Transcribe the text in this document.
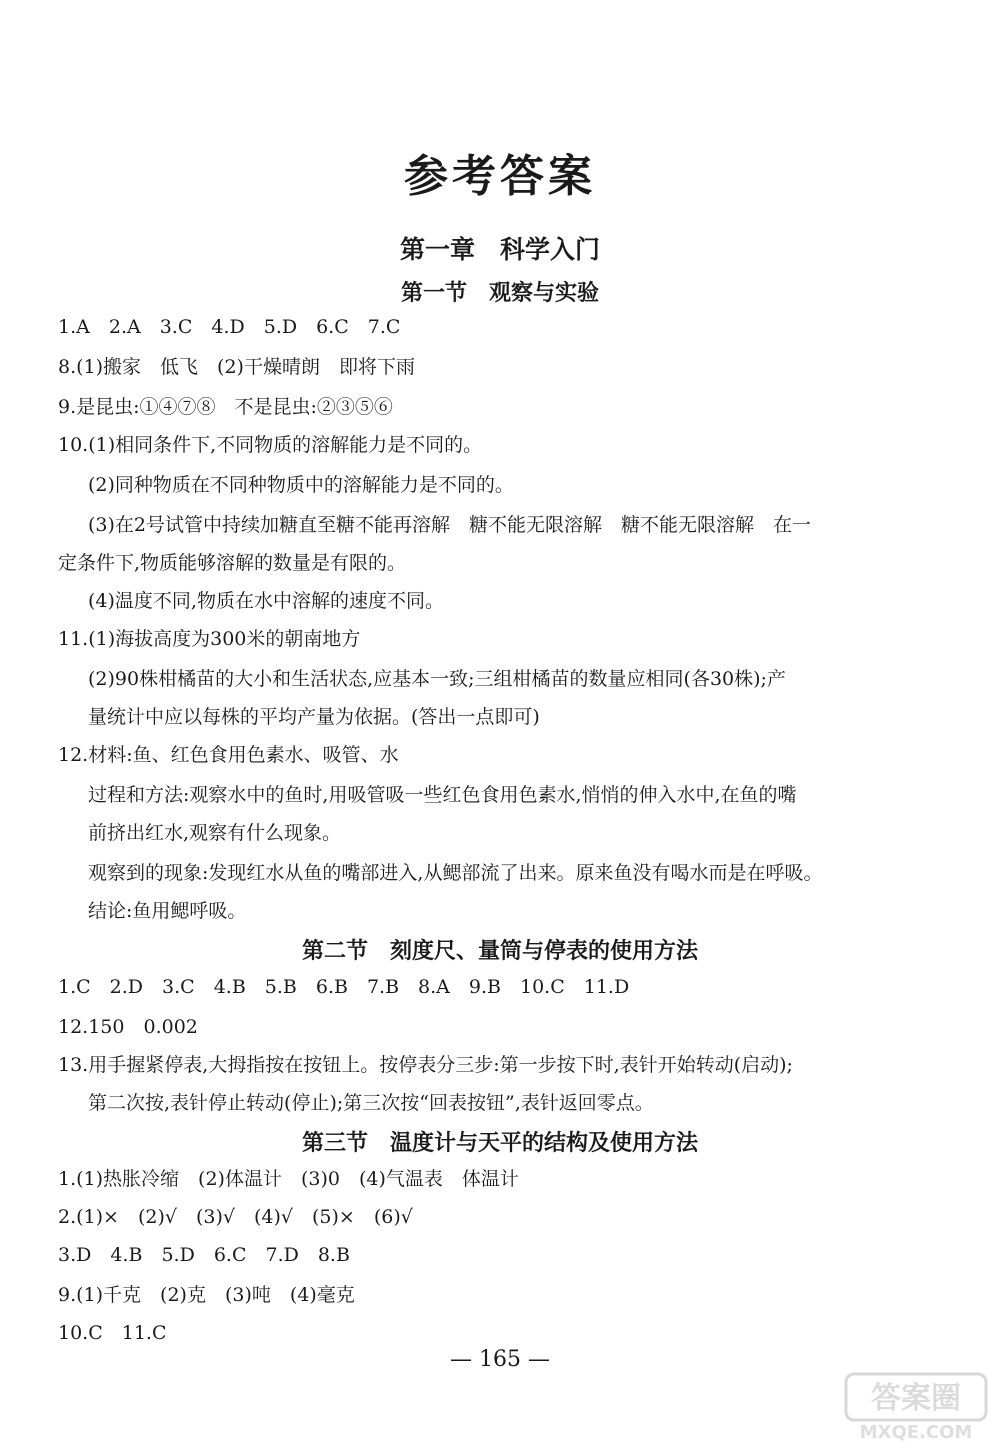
参考答案
第一章　科学入门
第一节　观察与实验
1.A　2.A　3.C　4.D　5.D　6.C　7.C
8.(1)搬家　低飞　(2)干燥晴朗　即将下雨
9.是昆虫:①④⑦⑧　不是昆虫:②③⑤⑥
10.(1)相同条件下,不同物质的溶解能力是不同的。
(2)同种物质在不同种物质中的溶解能力是不同的。
(3)在2号试管中持续加糖直至糖不能再溶解　糖不能无限溶解　糖不能无限溶解　在一
定条件下,物质能够溶解的数量是有限的。
(4)温度不同,物质在水中溶解的速度不同。
11.(1)海拔高度为300米的朝南地方
(2)90株柑橘苗的大小和生活状态,应基本一致;三组柑橘苗的数量应相同(各30株);产
量统计中应以每株的平均产量为依据。(答出一点即可)
12.材料:鱼、红色食用色素水、吸管、水
过程和方法:观察水中的鱼时,用吸管吸一些红色食用色素水,悄悄的伸入水中,在鱼的嘴
前挤出红水,观察有什么现象。
观察到的现象:发现红水从鱼的嘴部进入,从鳃部流了出来。原来鱼没有喝水而是在呼吸。
结论:鱼用鳃呼吸。
第二节　刻度尺、量筒与停表的使用方法
1.C　2.D　3.C　4.B　5.B　6.B　7.B　8.A　9.B　10.C　11.D
12.150　0.002
13.用手握紧停表,大拇指按在按钮上。按停表分三步:第一步按下时,表针开始转动(启动);
第二次按,表针停止转动(停止);第三次按“回表按钮”,表针返回零点。
第三节　温度计与天平的结构及使用方法
1.(1)热胀冷缩　(2)体温计　(3)0　(4)气温表　体温计
2.(1)×　(2)√　(3)√　(4)√　(5)×　(6)√
3.D　4.B　5.D　6.C　7.D　8.B
9.(1)千克　(2)克　(3)吨　(4)毫克
10.C　11.C
— 165 —
答案圈
MXQE.COM
